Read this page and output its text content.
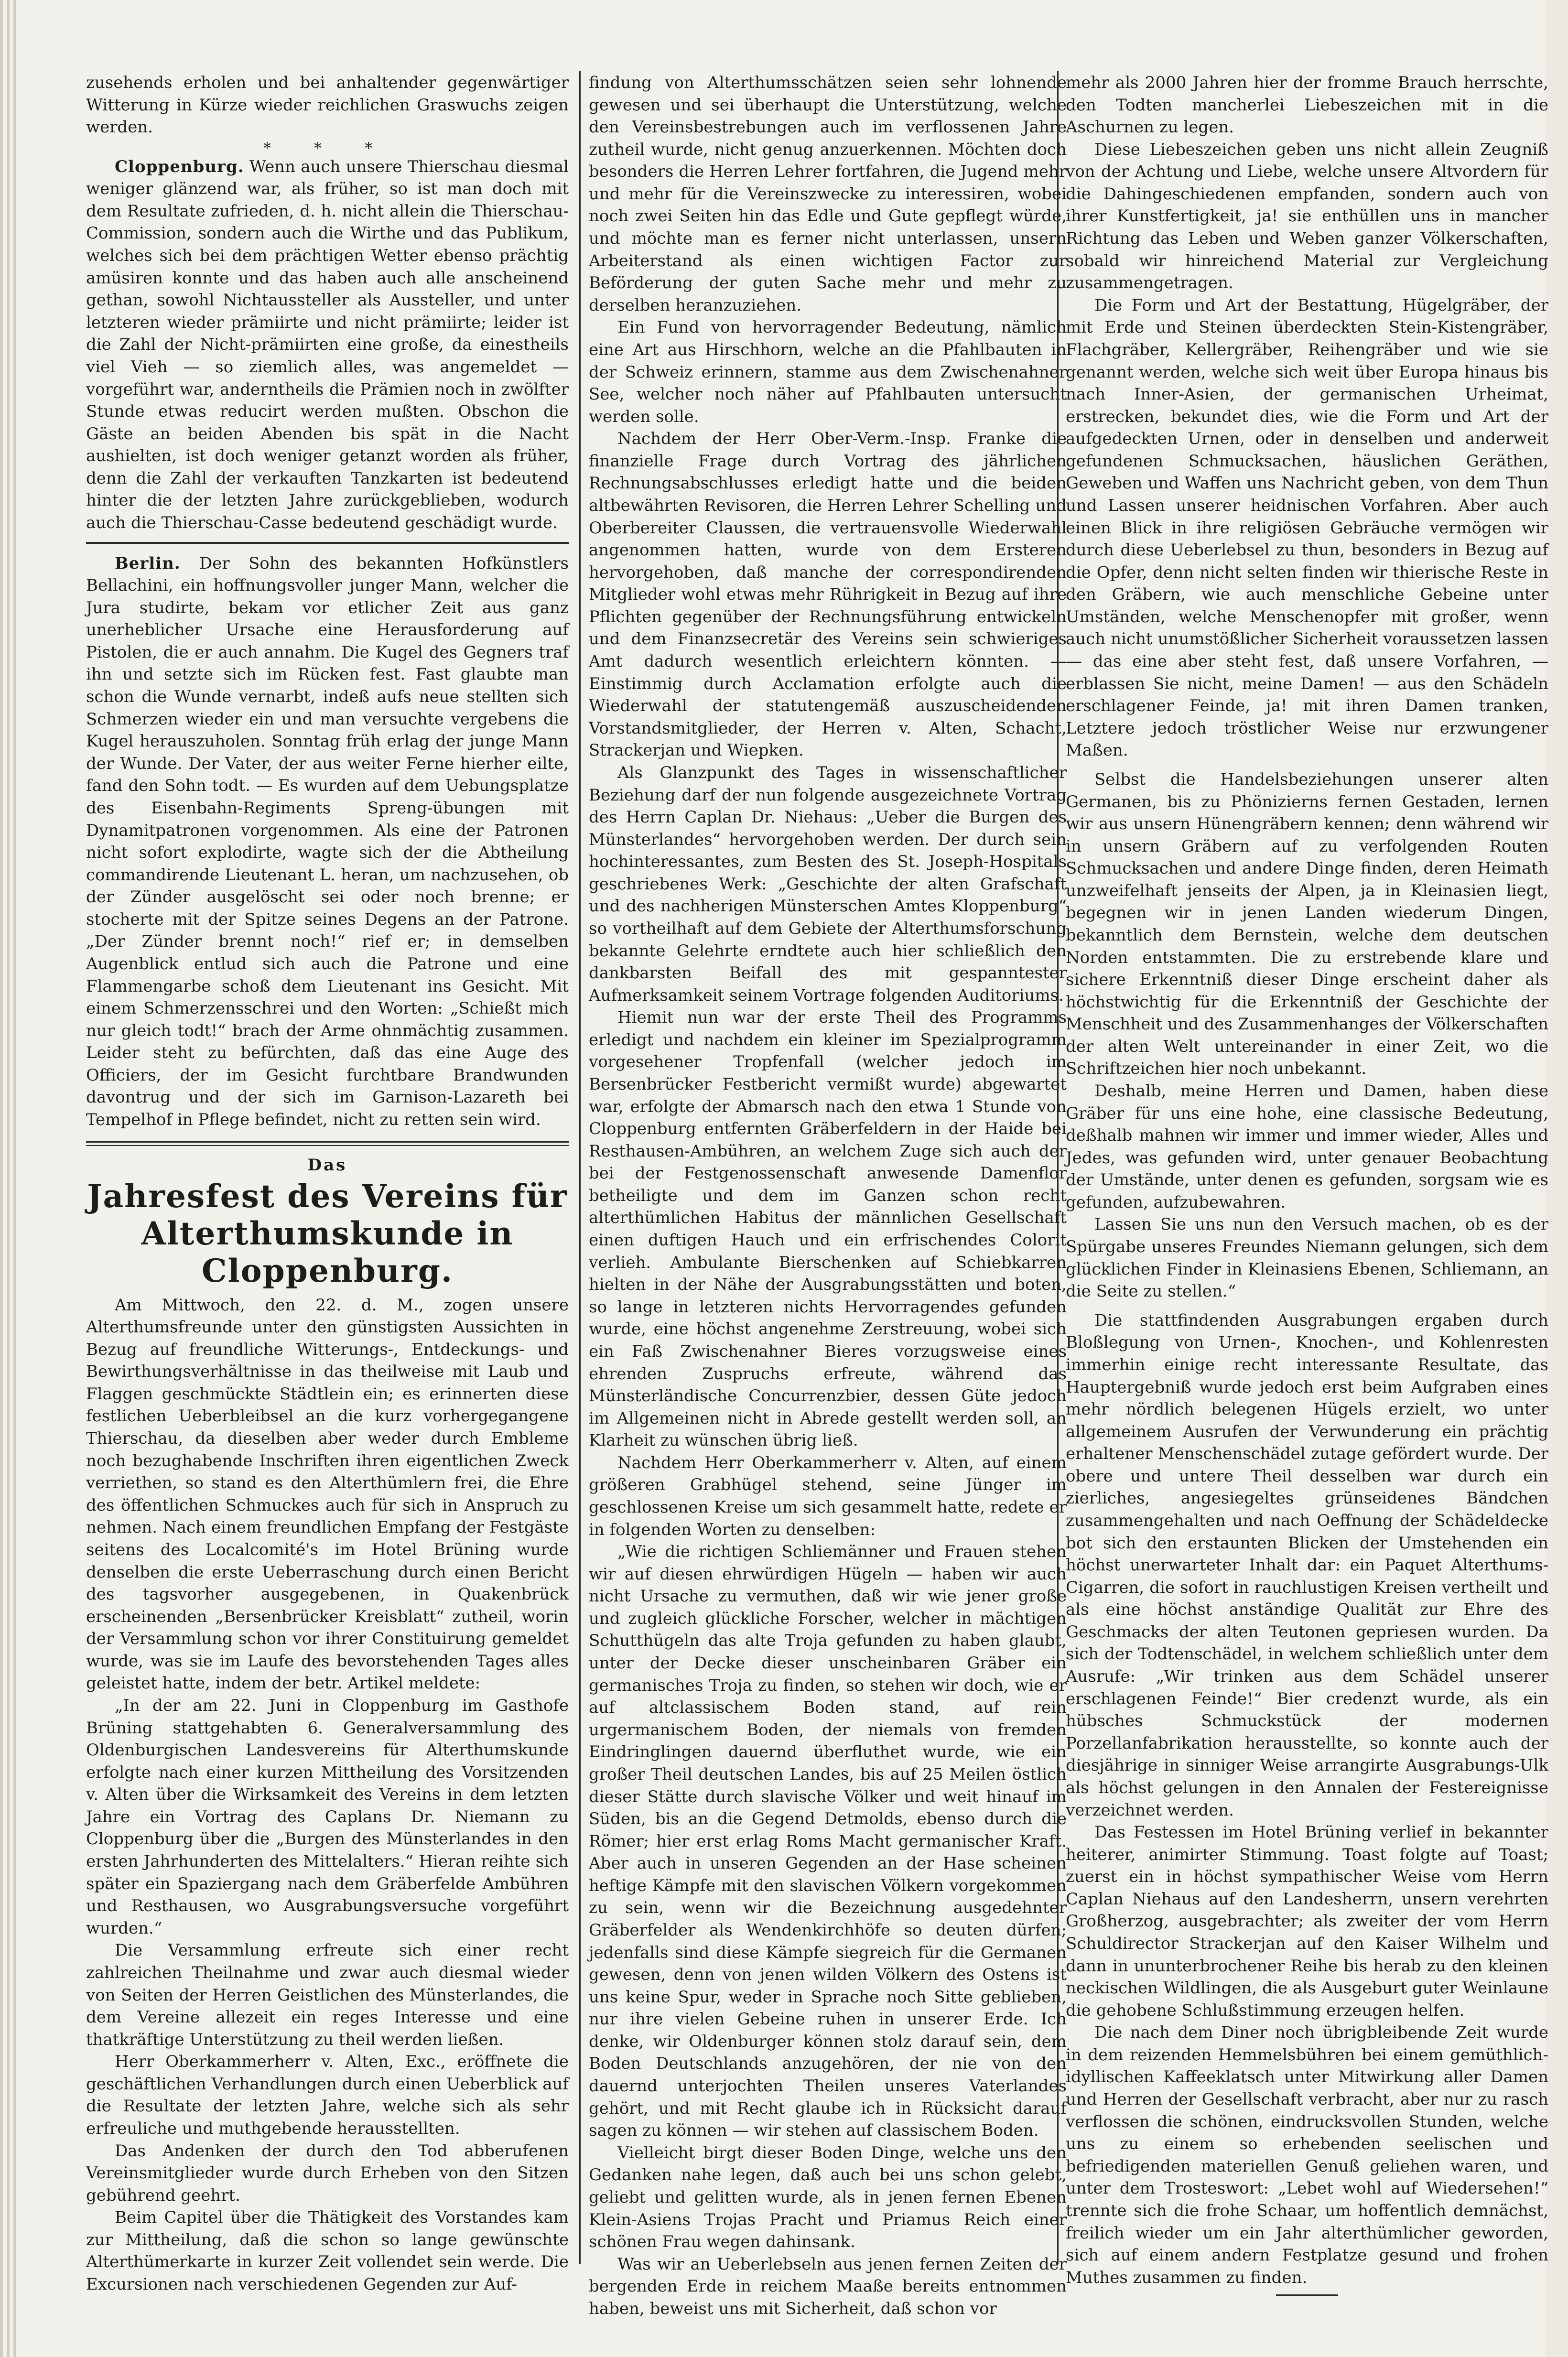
zusehends erholen und bei anhaltender gegenwärtiger Witterung in Kürze wieder reichlichen Graswuchs zeigen werden.

* * *

Cloppenburg. Wenn auch unsere Thierschau diesmal weniger glänzend war, als früher, so ist man doch mit dem Resultate zufrieden, d. h. nicht allein die Thierschau-Commission, sondern auch die Wirthe und das Publikum, welches sich bei dem prächtigen Wetter ebenso prächtig amüsiren konnte und das haben auch alle anscheinend gethan, sowohl Nichtaussteller als Aussteller, und unter letzteren wieder prämiirte und nicht prämiirte; leider ist die Zahl der Nicht-prämiirten eine große, da einestheils viel Vieh — so ziemlich alles, was angemeldet — vorgeführt war, anderntheils die Prämien noch in zwölfter Stunde etwas reducirt werden mußten. Obschon die Gäste an beiden Abenden bis spät in die Nacht aushielten, ist doch weniger getanzt worden als früher, denn die Zahl der verkauften Tanzkarten ist bedeutend hinter die der letzten Jahre zurückgeblieben, wodurch auch die Thierschau-Casse bedeutend geschädigt wurde.

Berlin. Der Sohn des bekannten Hofkünstlers Bellachini, ein hoffnungsvoller junger Mann, welcher die Jura studirte, bekam vor etlicher Zeit aus ganz unerheblicher Ursache eine Herausforderung auf Pistolen, die er auch annahm. Die Kugel des Gegners traf ihn und setzte sich im Rücken fest. Fast glaubte man schon die Wunde vernarbt, indeß aufs neue stellten sich Schmerzen wieder ein und man versuchte vergebens die Kugel herauszuholen. Sonntag früh erlag der junge Mann der Wunde. Der Vater, der aus weiter Ferne hierher eilte, fand den Sohn todt. — Es wurden auf dem Uebungsplatze des Eisenbahn-Regiments Spreng-übungen mit Dynamitpatronen vorgenommen. Als eine der Patronen nicht sofort explodirte, wagte sich der die Abtheilung commandirende Lieutenant L. heran, um nachzusehen, ob der Zünder ausgelöscht sei oder noch brenne; er stocherte mit der Spitze seines Degens an der Patrone. „Der Zünder brennt noch!“ rief er; in demselben Augenblick entlud sich auch die Patrone und eine Flammengarbe schoß dem Lieutenant ins Gesicht. Mit einem Schmerzensschrei und den Worten: „Schießt mich nur gleich todt!“ brach der Arme ohnmächtig zusammen. Leider steht zu befürchten, daß das eine Auge des Officiers, der im Gesicht furchtbare Brandwunden davontrug und der sich im Garnison-Lazareth bei Tempelhof in Pflege befindet, nicht zu retten sein wird.

Das

Jahresfest des Vereins für Alterthumskunde in Cloppenburg.

Am Mittwoch, den 22. d. M., zogen unsere Alterthumsfreunde unter den günstigsten Aussichten in Bezug auf freundliche Witterungs-, Entdeckungs- und Bewirthungsverhältnisse in das theilweise mit Laub und Flaggen geschmückte Städtlein ein; es erinnerten diese festlichen Ueberbleibsel an die kurz vorhergegangene Thierschau, da dieselben aber weder durch Embleme noch bezughabende Inschriften ihren eigentlichen Zweck verriethen, so stand es den Alterthümlern frei, die Ehre des öffentlichen Schmuckes auch für sich in Anspruch zu nehmen. Nach einem freundlichen Empfang der Festgäste seitens des Localcomité's im Hotel Brüning wurde denselben die erste Ueberraschung durch einen Bericht des tagsvorher ausgegebenen, in Quakenbrück erscheinenden „Bersenbrücker Kreisblatt“ zutheil, worin der Versammlung schon vor ihrer Constituirung gemeldet wurde, was sie im Laufe des bevorstehenden Tages alles geleistet hatte, indem der betr. Artikel meldete:

„In der am 22. Juni in Cloppenburg im Gasthofe Brüning stattgehabten 6. Generalversammlung des Oldenburgischen Landesvereins für Alterthumskunde erfolgte nach einer kurzen Mittheilung des Vorsitzenden v. Alten über die Wirksamkeit des Vereins in dem letzten Jahre ein Vortrag des Caplans Dr. Niemann zu Cloppenburg über die „Burgen des Münsterlandes in den ersten Jahrhunderten des Mittelalters.“ Hieran reihte sich später ein Spaziergang nach dem Gräberfelde Ambühren und Resthausen, wo Ausgrabungsversuche vorgeführt wurden.“

Die Versammlung erfreute sich einer recht zahlreichen Theilnahme und zwar auch diesmal wieder von Seiten der Herren Geistlichen des Münsterlandes, die dem Vereine allezeit ein reges Interesse und eine thatkräftige Unterstützung zu theil werden ließen.

Herr Oberkammerherr v. Alten, Exc., eröffnete die geschäftlichen Verhandlungen durch einen Ueberblick auf die Resultate der letzten Jahre, welche sich als sehr erfreuliche und muthgebende herausstellten.

Das Andenken der durch den Tod abberufenen Vereinsmitglieder wurde durch Erheben von den Sitzen gebührend geehrt.

Beim Capitel über die Thätigkeit des Vorstandes kam zur Mittheilung, daß die schon so lange gewünschte Alterthümerkarte in kurzer Zeit vollendet sein werde. Die Excursionen nach verschiedenen Gegenden zur Auf-

findung von Alterthumsschätzen seien sehr lohnende gewesen und sei überhaupt die Unterstützung, welche den Vereinsbestrebungen auch im verflossenen Jahre zutheil wurde, nicht genug anzuerkennen. Möchten doch besonders die Herren Lehrer fortfahren, die Jugend mehr und mehr für die Vereinszwecke zu interessiren, wobei noch zwei Seiten hin das Edle und Gute gepflegt würde, und möchte man es ferner nicht unterlassen, unsern Arbeiterstand als einen wichtigen Factor zur Beförderung der guten Sache mehr und mehr zu derselben heranzuziehen.

Ein Fund von hervorragender Bedeutung, nämlich eine Art aus Hirschhorn, welche an die Pfahlbauten in der Schweiz erinnern, stamme aus dem Zwischenahner See, welcher noch näher auf Pfahlbauten untersucht werden solle.

Nachdem der Herr Ober-Verm.-Insp. Franke die finanzielle Frage durch Vortrag des jährlichen Rechnungsabschlusses erledigt hatte und die beiden altbewährten Revisoren, die Herren Lehrer Schelling und Oberbereiter Claussen, die vertrauensvolle Wiederwahl angenommen hatten, wurde von dem Ersteren hervorgehoben, daß manche der correspondirenden Mitglieder wohl etwas mehr Rührigkeit in Bezug auf ihre Pflichten gegenüber der Rechnungsführung entwickeln und dem Finanzsecretär des Vereins sein schwieriges Amt dadurch wesentlich erleichtern könnten. — Einstimmig durch Acclamation erfolgte auch die Wiederwahl der statutengemäß auszuscheidenden Vorstandsmitglieder, der Herren v. Alten, Schacht, Strackerjan und Wiepken.

Als Glanzpunkt des Tages in wissenschaftlicher Beziehung darf der nun folgende ausgezeichnete Vortrag des Herrn Caplan Dr. Niehaus: „Ueber die Burgen des Münsterlandes“ hervorgehoben werden. Der durch sein hochinteressantes, zum Besten des St. Joseph-Hospitals geschriebenes Werk: „Geschichte der alten Grafschaft und des nachherigen Münsterschen Amtes Kloppenburg“ so vortheilhaft auf dem Gebiete der Alterthumsforschung bekannte Gelehrte erndtete auch hier schließlich den dankbarsten Beifall des mit gespanntester Aufmerksamkeit seinem Vortrage folgenden Auditoriums.

Hiemit nun war der erste Theil des Programms erledigt und nachdem ein kleiner im Spezialprogramm vorgesehener Tropfenfall (welcher jedoch im Bersenbrücker Festbericht vermißt wurde) abgewartet war, erfolgte der Abmarsch nach den etwa 1 Stunde von Cloppenburg entfernten Gräberfeldern in der Haide bei Resthausen-Ambühren, an welchem Zuge sich auch der bei der Festgenossenschaft anwesende Damenflor betheiligte und dem im Ganzen schon recht alterthümlichen Habitus der männlichen Gesellschaft einen duftigen Hauch und ein erfrischendes Colorit verlieh. Ambulante Bierschenken auf Schiebkarren hielten in der Nähe der Ausgrabungsstätten und boten, so lange in letzteren nichts Hervorragendes gefunden wurde, eine höchst angenehme Zerstreuung, wobei sich ein Faß Zwischenahner Bieres vorzugsweise eines ehrenden Zuspruchs erfreute, während das Münsterländische Concurrenzbier, dessen Güte jedoch im Allgemeinen nicht in Abrede gestellt werden soll, an Klarheit zu wünschen übrig ließ.

Nachdem Herr Oberkammerherr v. Alten, auf einem größeren Grabhügel stehend, seine Jünger im geschlossenen Kreise um sich gesammelt hatte, redete er in folgenden Worten zu denselben:

„Wie die richtigen Schliemänner und Frauen stehen wir auf diesen ehrwürdigen Hügeln — haben wir auch nicht Ursache zu vermuthen, daß wir wie jener große und zugleich glückliche Forscher, welcher in mächtigen Schutthügeln das alte Troja gefunden zu haben glaubt, unter der Decke dieser unscheinbaren Gräber ein germanisches Troja zu finden, so stehen wir doch, wie er auf altclassischem Boden stand, auf rein urgermanischem Boden, der niemals von fremden Eindringlingen dauernd überfluthet wurde, wie ein großer Theil deutschen Landes, bis auf 25 Meilen östlich dieser Stätte durch slavische Völker und weit hinauf im Süden, bis an die Gegend Detmolds, ebenso durch die Römer; hier erst erlag Roms Macht germanischer Kraft. Aber auch in unseren Gegenden an der Hase scheinen heftige Kämpfe mit den slavischen Völkern vorgekommen zu sein, wenn wir die Bezeichnung ausgedehnter Gräberfelder als Wendenkirchhöfe so deuten dürfen; jedenfalls sind diese Kämpfe siegreich für die Germanen gewesen, denn von jenen wilden Völkern des Ostens ist uns keine Spur, weder in Sprache noch Sitte geblieben, nur ihre vielen Gebeine ruhen in unserer Erde. Ich denke, wir Oldenburger können stolz darauf sein, dem Boden Deutschlands anzugehören, der nie von den dauernd unterjochten Theilen unseres Vaterlandes gehört, und mit Recht glaube ich in Rücksicht darauf sagen zu können — wir stehen auf classischem Boden.

Vielleicht birgt dieser Boden Dinge, welche uns den Gedanken nahe legen, daß auch bei uns schon gelebt, geliebt und gelitten wurde, als in jenen fernen Ebenen Klein-Asiens Trojas Pracht und Priamus Reich einer schönen Frau wegen dahinsank.

Was wir an Ueberlebseln aus jenen fernen Zeiten der bergenden Erde in reichem Maaße bereits entnommen haben, beweist uns mit Sicherheit, daß schon vor

mehr als 2000 Jahren hier der fromme Brauch herrschte, den Todten mancherlei Liebeszeichen mit in die Aschurnen zu legen.

Diese Liebeszeichen geben uns nicht allein Zeugniß von der Achtung und Liebe, welche unsere Altvordern für die Dahingeschiedenen empfanden, sondern auch von ihrer Kunstfertigkeit, ja! sie enthüllen uns in mancher Richtung das Leben und Weben ganzer Völkerschaften, sobald wir hinreichend Material zur Vergleichung zusammengetragen.

Die Form und Art der Bestattung, Hügelgräber, der mit Erde und Steinen überdeckten Stein-Kistengräber, Flachgräber, Kellergräber, Reihengräber und wie sie genannt werden, welche sich weit über Europa hinaus bis nach Inner-Asien, der germanischen Urheimat, erstrecken, bekundet dies, wie die Form und Art der aufgedeckten Urnen, oder in denselben und anderweit gefundenen Schmucksachen, häuslichen Geräthen, Geweben und Waffen uns Nachricht geben, von dem Thun und Lassen unserer heidnischen Vorfahren. Aber auch einen Blick in ihre religiösen Gebräuche vermögen wir durch diese Ueberlebsel zu thun, besonders in Bezug auf die Opfer, denn nicht selten finden wir thierische Reste in den Gräbern, wie auch menschliche Gebeine unter Umständen, welche Menschenopfer mit großer, wenn auch nicht unumstößlicher Sicherheit voraussetzen lassen — das eine aber steht fest, daß unsere Vorfahren, — erblassen Sie nicht, meine Damen! — aus den Schädeln erschlagener Feinde, ja! mit ihren Damen tranken, Letztere jedoch tröstlicher Weise nur erzwungener Maßen.

Selbst die Handelsbeziehungen unserer alten Germanen, bis zu Phönizierns fernen Gestaden, lernen wir aus unsern Hünengräbern kennen; denn während wir in unsern Gräbern auf zu verfolgenden Routen Schmucksachen und andere Dinge finden, deren Heimath unzweifelhaft jenseits der Alpen, ja in Kleinasien liegt, begegnen wir in jenen Landen wiederum Dingen, bekanntlich dem Bernstein, welche dem deutschen Norden entstammten. Die zu erstrebende klare und sichere Erkenntniß dieser Dinge erscheint daher als höchstwichtig für die Erkenntniß der Geschichte der Menschheit und des Zusammenhanges der Völkerschaften der alten Welt untereinander in einer Zeit, wo die Schriftzeichen hier noch unbekannt.

Deshalb, meine Herren und Damen, haben diese Gräber für uns eine hohe, eine classische Bedeutung, deßhalb mahnen wir immer und immer wieder, Alles und Jedes, was gefunden wird, unter genauer Beobachtung der Umstände, unter denen es gefunden, sorgsam wie es gefunden, aufzubewahren.

Lassen Sie uns nun den Versuch machen, ob es der Spürgabe unseres Freundes Niemann gelungen, sich dem glücklichen Finder in Kleinasiens Ebenen, Schliemann, an die Seite zu stellen.“

Die stattfindenden Ausgrabungen ergaben durch Bloßlegung von Urnen-, Knochen-, und Kohlenresten immerhin einige recht interessante Resultate, das Hauptergebniß wurde jedoch erst beim Aufgraben eines mehr nördlich belegenen Hügels erzielt, wo unter allgemeinem Ausrufen der Verwunderung ein prächtig erhaltener Menschenschädel zutage gefördert wurde. Der obere und untere Theil desselben war durch ein zierliches, angesiegeltes grünseidenes Bändchen zusammengehalten und nach Oeffnung der Schädeldecke bot sich den erstaunten Blicken der Umstehenden ein höchst unerwarteter Inhalt dar: ein Paquet Alterthums-Cigarren, die sofort in rauchlustigen Kreisen vertheilt und als eine höchst anständige Qualität zur Ehre des Geschmacks der alten Teutonen gepriesen wurden. Da sich der Todtenschädel, in welchem schließlich unter dem Ausrufe: „Wir trinken aus dem Schädel unserer erschlagenen Feinde!“ Bier credenzt wurde, als ein hübsches Schmuckstück der modernen Porzellanfabrikation herausstellte, so konnte auch der diesjährige in sinniger Weise arrangirte Ausgrabungs-Ulk als höchst gelungen in den Annalen der Festereignisse verzeichnet werden.

Das Festessen im Hotel Brüning verlief in bekannter heiterer, animirter Stimmung. Toast folgte auf Toast; zuerst ein in höchst sympathischer Weise vom Herrn Caplan Niehaus auf den Landesherrn, unsern verehrten Großherzog, ausgebrachter; als zweiter der vom Herrn Schuldirector Strackerjan auf den Kaiser Wilhelm und dann in ununterbrochener Reihe bis herab zu den kleinen neckischen Wildlingen, die als Ausgeburt guter Weinlaune die gehobene Schlußstimmung erzeugen helfen.

Die nach dem Diner noch übrigbleibende Zeit wurde in dem reizenden Hemmelsbühren bei einem gemüthlich-idyllischen Kaffeeklatsch unter Mitwirkung aller Damen und Herren der Gesellschaft verbracht, aber nur zu rasch verflossen die schönen, eindrucksvollen Stunden, welche uns zu einem so erhebenden seelischen und befriedigenden materiellen Genuß geliehen waren, und unter dem Trosteswort: „Lebet wohl auf Wiedersehen!“ trennte sich die frohe Schaar, um hoffentlich demnächst, freilich wieder um ein Jahr alterthümlicher geworden, sich auf einem andern Festplatze gesund und frohen Muthes zusammen zu finden.
